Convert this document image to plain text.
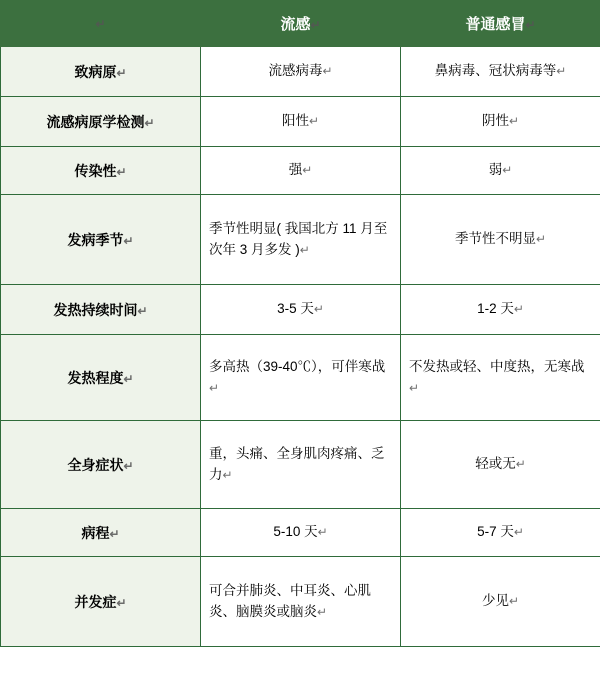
↵	流感↵	普通感冒↵
致病原↵	流感病毒↵	鼻病毒、冠状病毒等↵
流感病原学检测↵	阳性↵	阴性↵
传染性↵	强↵	弱↵
发病季节↵	季节性明显( 我国北方 11 月至次年 3 月多发 )↵	季节性不明显↵
发热持续时间↵	3-5 天↵	1-2 天↵
发热程度↵	多高热（39-40℃），可伴寒战↵	不发热或轻、中度热，无寒战↵
全身症状↵	重，头痛、全身肌肉疼痛、乏力↵	轻或无↵
病程↵	5-10 天↵	5-7 天↵
并发症↵	可合并肺炎、中耳炎、心肌炎、脑膜炎或脑炎↵	少见↵
